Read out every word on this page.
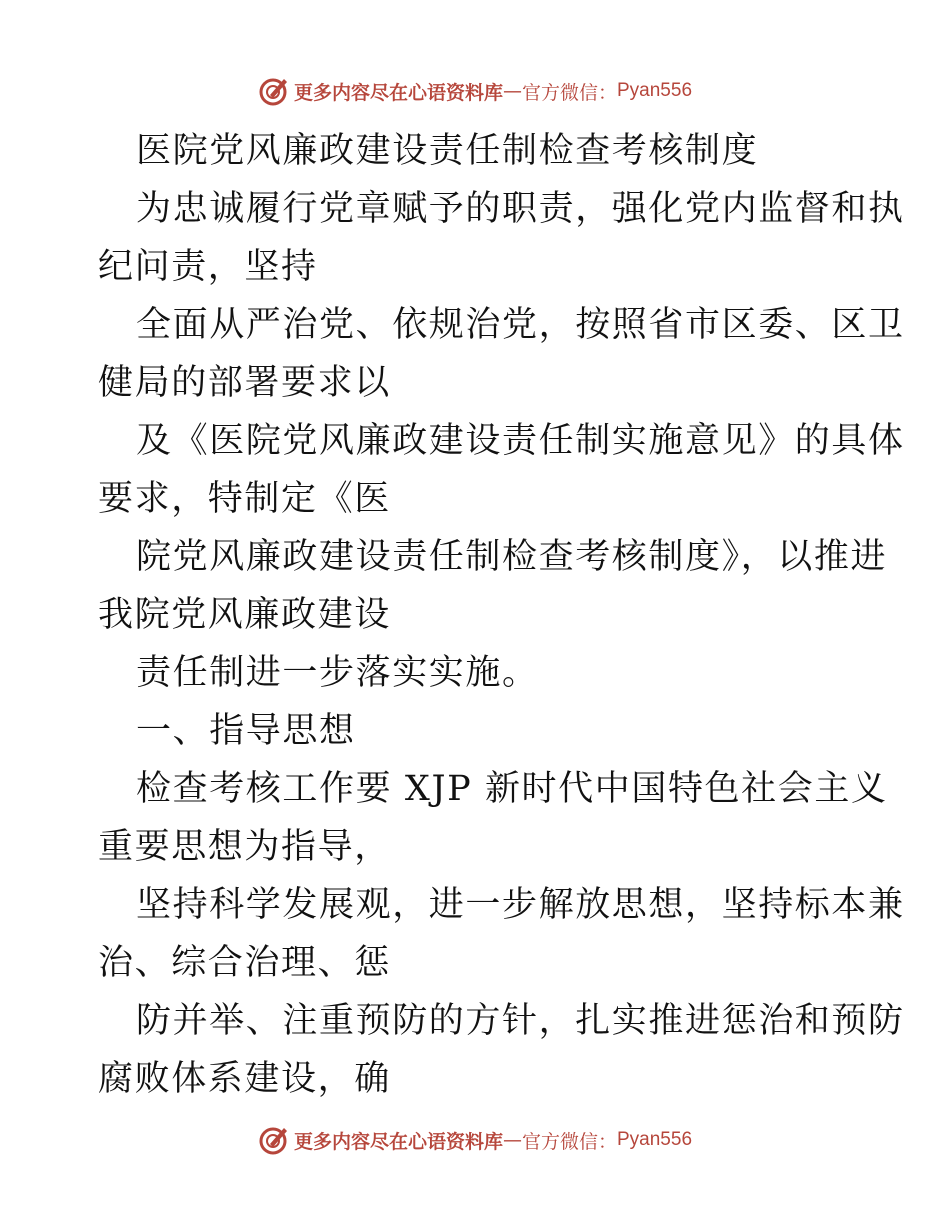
更多内容尽在心语资料库 — 官方微信： Pyan556
医院党风廉政建设责任制检查考核制度
为忠诚履行党章赋予的职责，强化党内监督和执
纪问责，坚持
全面从严治党、依规治党，按照省市区委、区卫
健局的部署要求以
及《医院党风廉政建设责任制实施意见》的具体
要求，特制定《医
院党风廉政建设责任制检查考核制度》，以推进
我院党风廉政建设
责任制进一步落实实施。
一、指导思想
检查考核工作要 XJP 新时代中国特色社会主义
重要思想为指导，
坚持科学发展观，进一步解放思想，坚持标本兼
治、综合治理、惩
防并举、注重预防的方针，扎实推进惩治和预防
腐败体系建设，确
更多内容尽在心语资料库 — 官方微信： Pyan556
